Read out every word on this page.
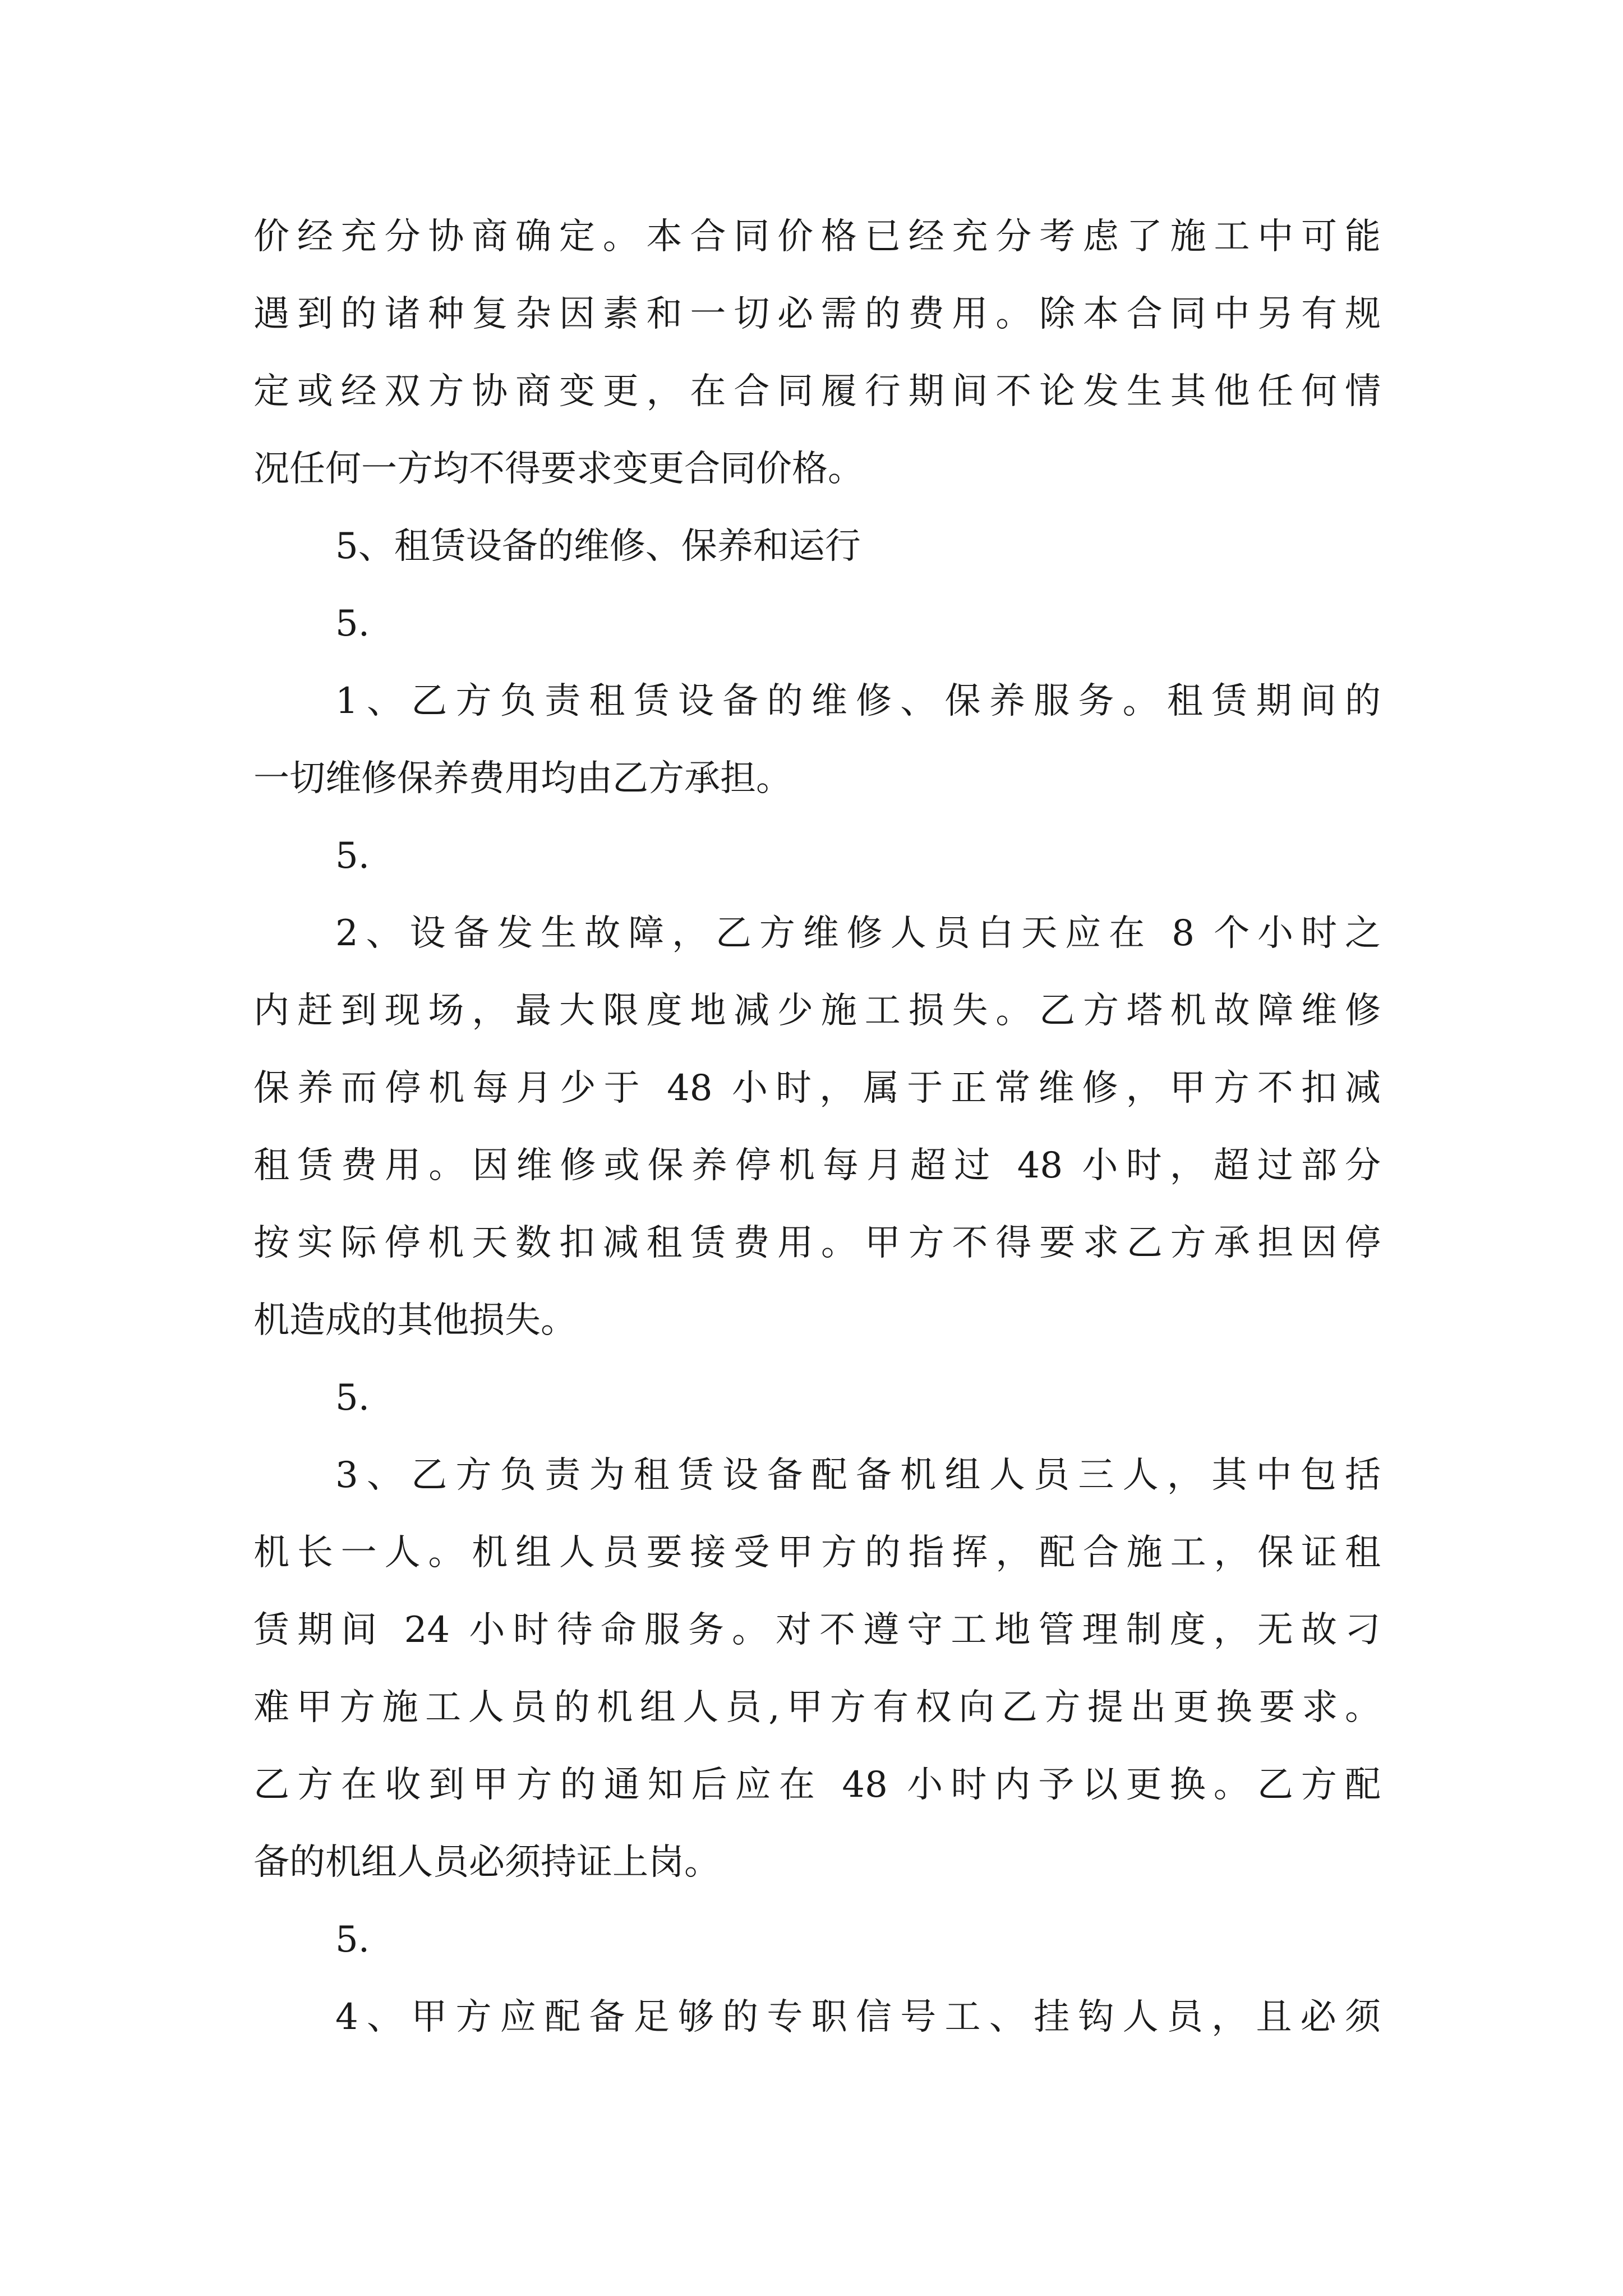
价经充分协商确定。本合同价格已经充分考虑了施工中可能
遇到的诸种复杂因素和一切必需的费用。除本合同中另有规
定或经双方协商变更，在合同履行期间不论发生其他任何情
况任何一方均不得要求变更合同价格。
5、租赁设备的维修、保养和运行
5.
1、乙方负责租赁设备的维修、保养服务。租赁期间的
一切维修保养费用均由乙方承担。
5.
2、设备发生故障，乙方维修人员白天应在 8 个小时之
内赶到现场，最大限度地减少施工损失。乙方塔机故障维修
保养而停机每月少于 48 小时，属于正常维修，甲方不扣减
租赁费用。因维修或保养停机每月超过 48 小时，超过部分
按实际停机天数扣减租赁费用。甲方不得要求乙方承担因停
机造成的其他损失。
5.
3、乙方负责为租赁设备配备机组人员三人，其中包括
机长一人。机组人员要接受甲方的指挥，配合施工，保证租
赁期间 24 小时待命服务。对不遵守工地管理制度，无故刁
难甲方施工人员的机组人员,甲方有权向乙方提出更换要求。
乙方在收到甲方的通知后应在 48 小时内予以更换。乙方配
备的机组人员必须持证上岗。
5.
4、甲方应配备足够的专职信号工、挂钩人员，且必须
